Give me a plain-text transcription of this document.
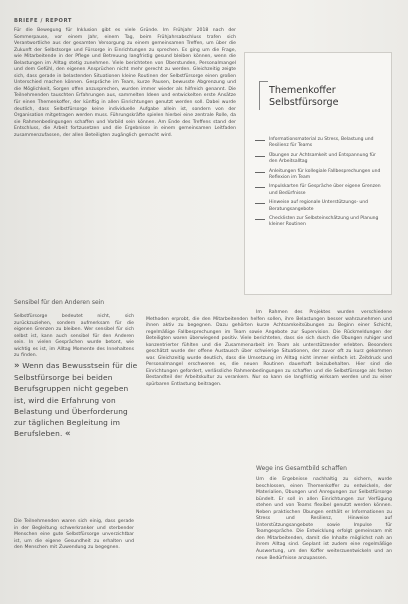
BRIEFE / REPORT

Für die Bewegung für Inklusion gibt es viele Gründe. Im Frühjahr 2018 nach der Sommerpause, vor einem Jahr, einem Tag, beim Frühjahrsabschluss trafen sich Verantwortliche aus der gesamten Versorgung zu einem gemeinsamen Treffen, um über die Zukunft der Selbstsorge und Fürsorge in Einrichtungen zu sprechen. Es ging um die Frage, wie Mitarbeitende in der Pflege und Betreuung langfristig gesund bleiben können, wenn die Belastungen im Alltag stetig zunehmen. Viele berichteten von Überstunden, Personalmangel und dem Gefühl, den eigenen Ansprüchen nicht mehr gerecht zu werden. Gleichzeitig zeigte sich, dass gerade in belastenden Situationen kleine Routinen der Selbstfürsorge einen großen Unterschied machen können. Gespräche im Team, kurze Pausen, bewusste Abgrenzung und die Möglichkeit, Sorgen offen anzusprechen, wurden immer wieder als hilfreich genannt. Die Teilnehmenden tauschten Erfahrungen aus, sammelten Ideen und entwickelten erste Ansätze für einen Themenkoffer, der künftig in allen Einrichtungen genutzt werden soll. Dabei wurde deutlich, dass Selbstfürsorge keine individuelle Aufgabe allein ist, sondern von der Organisation mitgetragen werden muss. Führungskräfte spielen hierbei eine zentrale Rolle, da sie Rahmenbedingungen schaffen und Vorbild sein können. Am Ende des Treffens stand der Entschluss, die Arbeit fortzusetzen und die Ergebnisse in einem gemeinsamen Leitfaden zusammenzufassen, der allen Beteiligten zugänglich gemacht wird.

Themenkoffer
Selbstfürsorge
Informationsmaterial zu Stress, Belastung und Resilienz für Teams
Übungen zur Achtsamkeit und Entspannung für den Arbeitsalltag
Anleitungen für kollegiale Fallbesprechungen und Reflexion im Team
Impulskarten für Gespräche über eigene Grenzen und Bedürfnisse
Hinweise auf regionale Unterstützungs- und Beratungsangebote
Checklisten zur Selbsteinschätzung und Planung kleiner Routinen
Sensibel für den Anderen sein

Selbstfürsorge bedeutet nicht, sich zurückzuziehen, sondern aufmerksam für die eigenen Grenzen zu bleiben. Wer sensibel für sich selbst ist, kann auch sensibel für den Anderen sein. In vielen Gesprächen wurde betont, wie wichtig es ist, im Alltag Momente des Innehaltens zu finden.

» Wenn das Bewusstsein für die Selbstfürsorge bei beiden Berufsgruppen nicht gegeben ist, wird die Erfahrung von Belastung und Überforderung zur täglichen Begleitung im Berufsleben. «

Die Teilnehmenden waren sich einig, dass gerade in der Begleitung schwerkranker und sterbender Menschen eine gute Selbstfürsorge unverzichtbar ist, um die eigene Gesundheit zu erhalten und den Menschen mit Zuwendung zu begegnen.

Im Rahmen des Projektes wurden verschiedene Methoden erprobt, die den Mitarbeitenden helfen sollen, ihre Belastungen besser wahrzunehmen und ihnen aktiv zu begegnen. Dazu gehörten kurze Achtsamkeitsübungen zu Beginn einer Schicht, regelmäßige Fallbesprechungen im Team sowie Angebote zur Supervision. Die Rückmeldungen der Beteiligten waren überwiegend positiv. Viele berichteten, dass sie sich durch die Übungen ruhiger und konzentrierter fühlten und die Zusammenarbeit im Team als unterstützender erlebten. Besonders geschätzt wurde der offene Austausch über schwierige Situationen, der zuvor oft zu kurz gekommen war. Gleichzeitig wurde deutlich, dass die Umsetzung im Alltag nicht immer einfach ist. Zeitdruck und Personalmangel erschweren es, die neuen Routinen dauerhaft beizubehalten. Hier sind die Einrichtungen gefordert, verlässliche Rahmenbedingungen zu schaffen und die Selbstfürsorge als festen Bestandteil der Arbeitskultur zu verankern. Nur so kann sie langfristig wirksam werden und zu einer spürbaren Entlastung beitragen.

Wege ins Gesamtbild schaffen

Um die Ergebnisse nachhaltig zu sichern, wurde beschlossen, einen Themenkoffer zu entwickeln, der Materialien, Übungen und Anregungen zur Selbstfürsorge bündelt. Er soll in allen Einrichtungen zur Verfügung stehen und von Teams flexibel genutzt werden können. Neben praktischen Übungen enthält er Informationen zu Stress und Resilienz, Hinweise auf Unterstützungsangebote sowie Impulse für Teamgespräche. Die Entwicklung erfolgt gemeinsam mit den Mitarbeitenden, damit die Inhalte möglichst nah an ihrem Alltag sind. Geplant ist zudem eine regelmäßige Auswertung, um den Koffer weiterzuentwickeln und an neue Bedürfnisse anzupassen.
